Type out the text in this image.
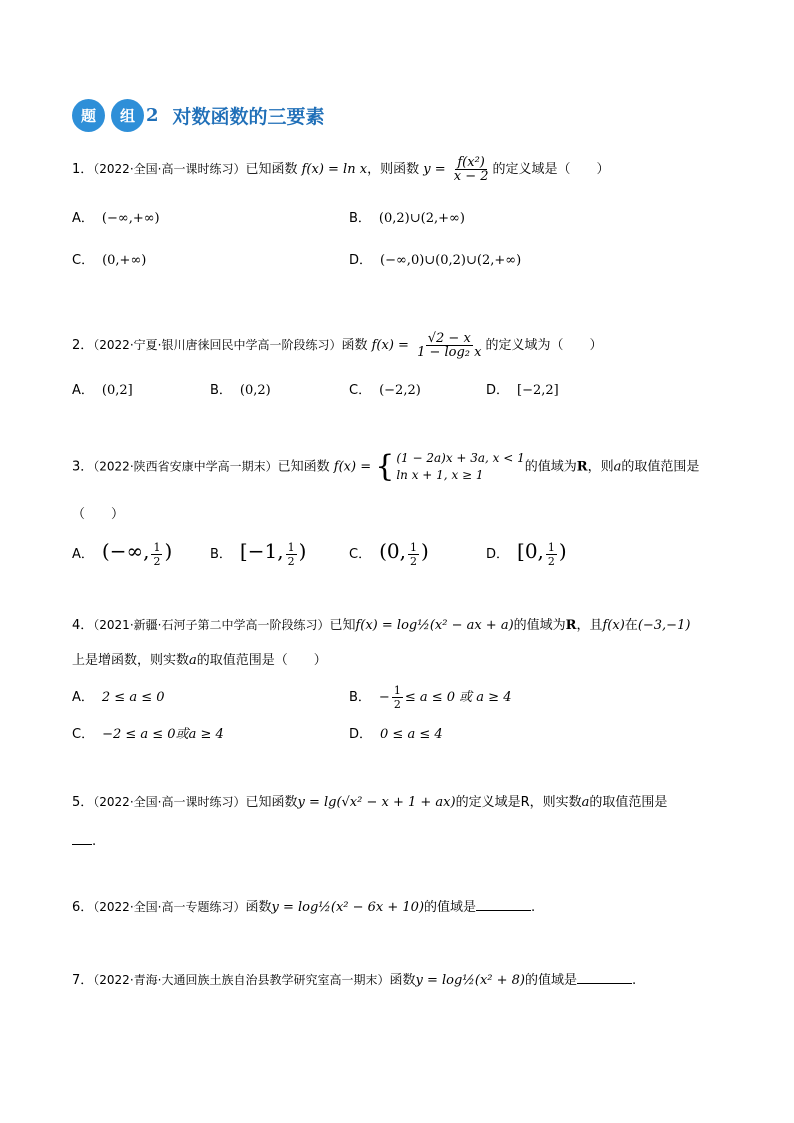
题	组 2 对数函数的三要素
1．（2022·全国·高一课时练习）已知函数 f(x) = ln x，则函数 $y = \frac{\text{f(x²)}}{x - 2}$ 的定义域是（　　）
A． (−∞,+∞)	B． (0,2)∪(2,+∞)
C． (0,+∞)	D． (−∞,0)∪(0,2)∪(2,+∞)
2．（2022·宁夏·银川唐徕回民中学高一阶段练习）函数 $f(x) = \frac{√2 - x}{\text{1 − log₂ x}}$ 的定义域为（　　）
A． (0,2]	B． (0,2)	C． (−2,2)	D． [−2,2]
3．（2022·陕西省安康中学高一期末）已知函数 f(x) = { (1 − 2a)x + 3a, x < 1
ln x + 1, x ≥ 1
的值域为R，则a的取值范围是
（　　）
A． (−∞, $\frac{1}{2}$ )	B． [−1, $\frac{1}{2}$ )	C． (0, $\frac{1}{2}$ )	D． [0, $\frac{1}{2}$ )
4．（2021·新疆·石河子第二中学高一阶段练习）已知f(x) = log½(x² − ax + a)的值域为R，且f(x)在(−3,−1)
上是增函数，则实数a的取值范围是（　　）
A． 2 ≤ a ≤ 0	B． − $\frac{1}{2} \le a \le 0$ 或 a ≥ 4
C． −2 ≤ a ≤ 0或a ≥ 4	D． 0 ≤ a ≤ 4
5．（2022·全国·高一课时练习）已知函数y = lg(√x² − x + 1 + ax)的定义域是R，则实数a的取值范围是
.
6．（2022·全国·高一专题练习）函数y = log½(x² − 6x + 10)的值域是	.
7．（2022·青海·大通回族土族自治县教学研究室高一期末）函数y = log½(x² + 8)的值域是	.
